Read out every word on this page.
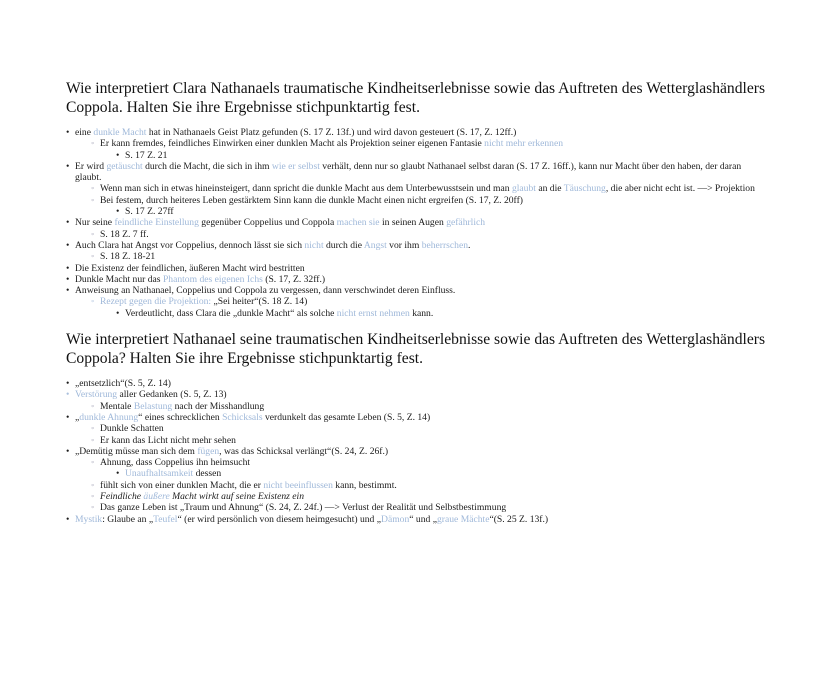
Wie interpretiert Clara Nathanaels traumatische Kindheitserlebnisse sowie das Auftreten des Wetterglashändlers Coppola. Halten Sie ihre Ergebnisse stichpunktartig fest.
• eine dunkle Macht hat in Nathanaels Geist Platz gefunden (S. 17 Z. 13f.) und wird davon gesteuert (S. 17, Z. 12ff.)
◦ Er kann fremdes, feindliches Einwirken einer dunklen Macht als Projektion seiner eigenen Fantasie nicht mehr erkennen
• S. 17 Z. 21
• Er wird getäuscht durch die Macht, die sich in ihm wie er selbst verhält, denn nur so glaubt Nathanael selbst daran (S. 17 Z. 16ff.), kann nur Macht über den haben, der daran glaubt.
◦ Wenn man sich in etwas hineinsteigert, dann spricht die dunkle Macht aus dem Unterbewusstsein und man glaubt an die Täuschung, die aber nicht echt ist. —> Projektion
◦ Bei festem, durch heiteres Leben gestärktem Sinn kann die dunkle Macht einen nicht ergreifen (S. 17, Z. 20ff)
• S. 17 Z. 27ff
• Nur seine feindliche Einstellung gegenüber Coppelius und Coppola machen sie in seinen Augen gefährlich
◦ S. 18 Z. 7 ff.
• Auch Clara hat Angst vor Coppelius, dennoch lässt sie sich nicht durch die Angst vor ihm beherrschen.
◦ S. 18 Z. 18-21
• Die Existenz der feindlichen, äußeren Macht wird bestritten
• Dunkle Macht nur das Phantom des eigenen Ichs (S. 17, Z. 32ff.)
• Anweisung an Nathanael, Coppelius und Coppola zu vergessen, dann verschwindet deren Einfluss.
◦ Rezept gegen die Projektion: „Sei heiter“(S. 18 Z. 14)
• Verdeutlicht, dass Clara die „dunkle Macht“ als solche nicht ernst nehmen kann.
Wie interpretiert Nathanael seine traumatischen Kindheitserlebnisse sowie das Auftreten des Wetterglashändlers Coppola? Halten Sie ihre Ergebnisse stichpunktartig fest.
• „entsetzlich“(S. 5, Z. 14)
• Verstörung aller Gedanken (S. 5, Z. 13)
◦ Mentale Belastung nach der Misshandlung
• „dunkle Ahnung“ eines schrecklichen Schicksals verdunkelt das gesamte Leben (S. 5, Z. 14)
◦ Dunkle Schatten
◦ Er kann das Licht nicht mehr sehen
• „Demütig müsse man sich dem fügen, was das Schicksal verlängt“(S. 24, Z. 26f.)
◦ Ahnung, dass Coppelius ihn heimsucht
• Unaufhaltsamkeit dessen
◦ fühlt sich von einer dunklen Macht, die er nicht beeinflussen kann, bestimmt.
◦ Feindliche äußere Macht wirkt auf seine Existenz ein
◦ Das ganze Leben ist „Traum und Ahnung“ (S. 24, Z. 24f.) —> Verlust der Realität und Selbstbestimmung
• Mystik: Glaube an „Teufel“ (er wird persönlich von diesem heimgesucht) und „Dämon“ und „graue Mächte“(S. 25 Z. 13f.)
